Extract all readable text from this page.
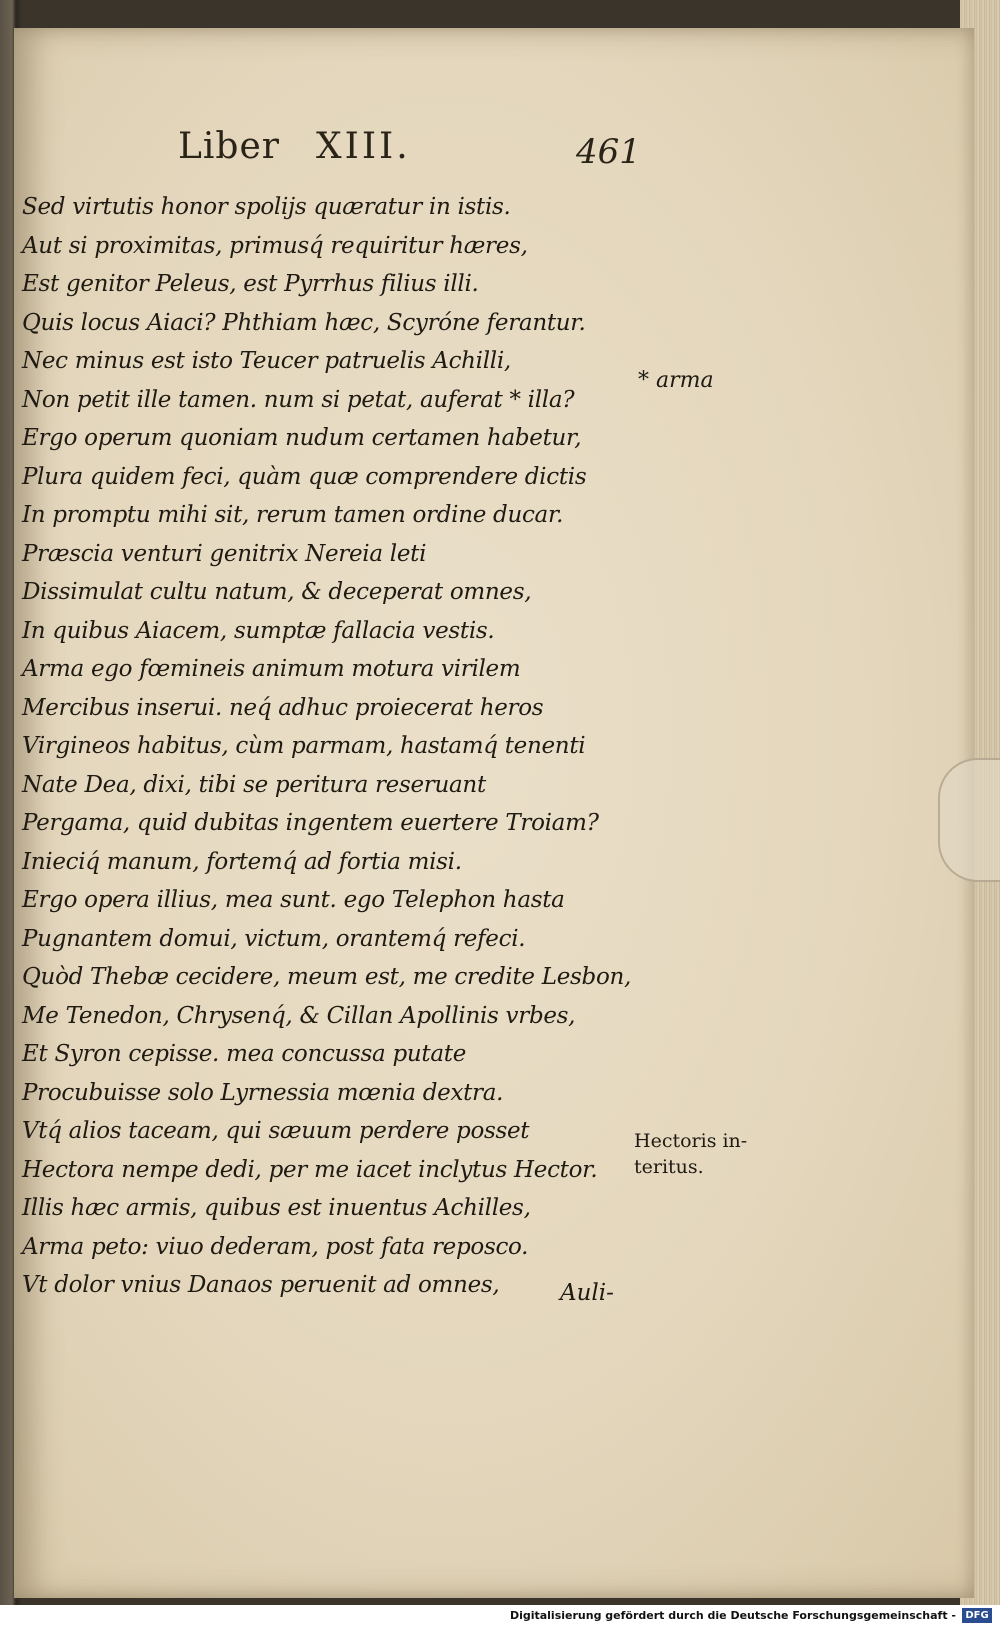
Liber XIII.	461
Sed virtutis honor spolijs quæratur in istis.
Aut si proximitas, primusq́ requiritur hæres,
Est genitor Peleus, est Pyrrhus filius illi.
Quis locus Aiaci? Phthiam hæc, Scyróne ferantur.
Nec minus est isto Teucer patruelis Achilli,
Non petit ille tamen. num si petat, auferat * illa?
Ergo operum quoniam nudum certamen habetur,
Plura quidem feci, quàm quæ comprendere dictis
In promptu mihi sit, rerum tamen ordine ducar.
Præscia venturi genitrix Nereia leti
Dissimulat cultu natum, & deceperat omnes,
In quibus Aiacem, sumptæ fallacia vestis.
Arma ego fœmineis animum motura virilem
Mercibus inserui. neq́ adhuc proiecerat heros
Virgineos habitus, cùm parmam, hastamq́ tenenti
Nate Dea, dixi, tibi se peritura reseruant
Pergama, quid dubitas ingentem euertere Troiam?
Inieciq́ manum, fortemq́ ad fortia misi.
Ergo opera illius, mea sunt. ego Telephon hasta
Pugnantem domui, victum, orantemq́ refeci.
Quòd Thebæ cecidere, meum est, me credite Lesbon,
Me Tenedon, Chrysenq́, & Cillan Apollinis vrbes,
Et Syron cepisse. mea concussa putate
Procubuisse solo Lyrnessia mœnia dextra.
Vtq́ alios taceam, qui sæuum perdere posset
Hectora nempe dedi, per me iacet inclytus Hector.
Illis hæc armis, quibus est inuentus Achilles,
Arma peto: viuo dederam, post fata reposco.
Vt dolor vnius Danaos peruenit ad omnes,
* arma
Hectoris in-
teritus.
Auli-
Digitalisierung gefördert durch die Deutsche Forschungsgemeinschaft - DFG
